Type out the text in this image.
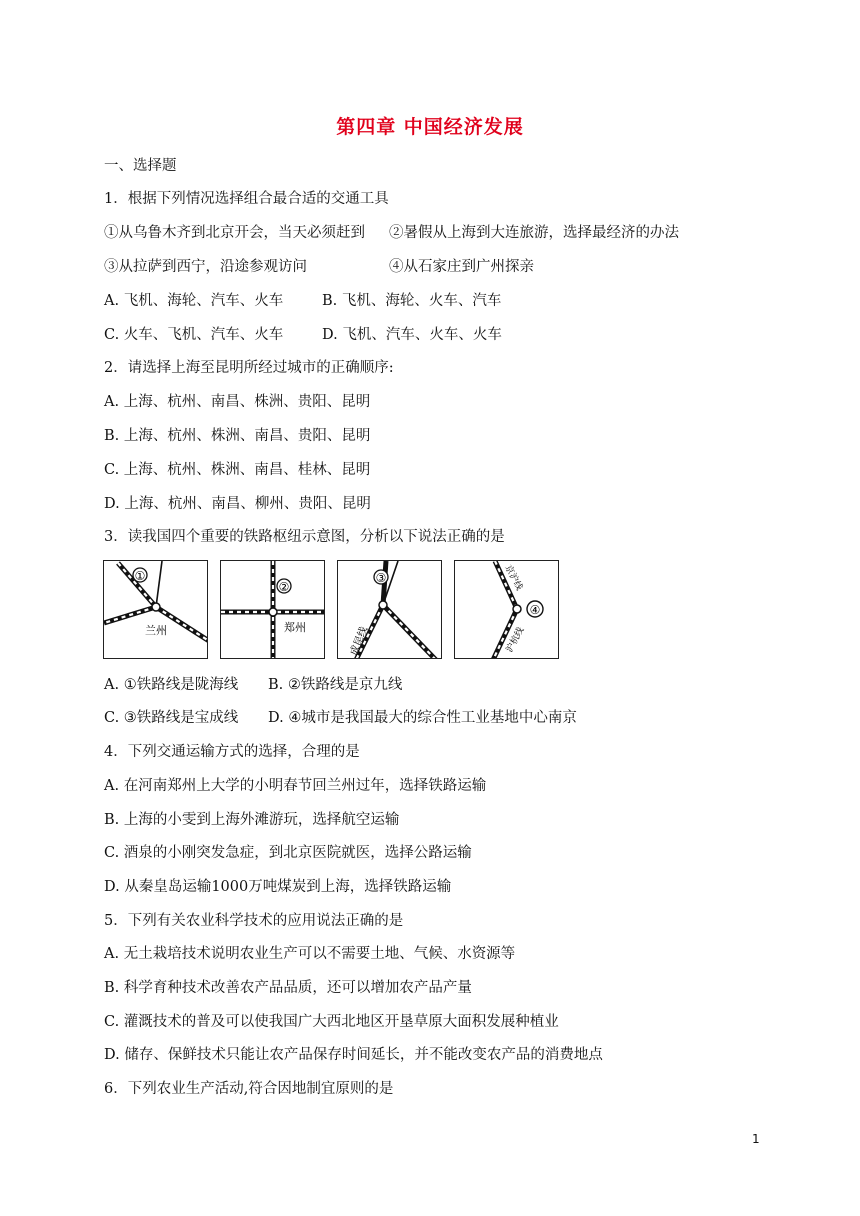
第四章 中国经济发展
一、选择题
1．根据下列情况选择组合最合适的交通工具
①从乌鲁木齐到北京开会，当天必须赶到 ②暑假从上海到大连旅游，选择最经济的办法
③从拉萨到西宁，沿途参观访问	④从石家庄到广州探亲
A. 飞机、海轮、汽车、火车	B. 飞机、海轮、火车、汽车
C. 火车、飞机、汽车、火车	D. 飞机、汽车、火车、火车
2．请选择上海至昆明所经过城市的正确顺序:
A. 上海、杭州、南昌、株洲、贵阳、昆明
B. 上海、杭州、株洲、南昌、贵阳、昆明
C. 上海、杭州、株洲、南昌、桂林、昆明
D. 上海、杭州、南昌、柳州、贵阳、昆明
3．读我国四个重要的铁路枢纽示意图，分析以下说法正确的是
①
兰州
②
郑州
③
成昆线
④
京沪线
沪杭线
A. ①铁路线是陇海线 B. ②铁路线是京九线
C. ③铁路线是宝成线 D. ④城市是我国最大的综合性工业基地中心南京
4．下列交通运输方式的选择，合理的是
A. 在河南郑州上大学的小明春节回兰州过年，选择铁路运输
B. 上海的小雯到上海外滩游玩，选择航空运输
C. 酒泉的小刚突发急症，到北京医院就医，选择公路运输
D. 从秦皇岛运输1000万吨煤炭到上海，选择铁路运输
5．下列有关农业科学技术的应用说法正确的是
A. 无土栽培技术说明农业生产可以不需要土地、气候、水资源等
B. 科学育种技术改善农产品品质，还可以增加农产品产量
C. 灌溉技术的普及可以使我国广大西北地区开垦草原大面积发展种植业
D. 储存、保鲜技术只能让农产品保存时间延长，并不能改变农产品的消费地点
6．下列农业生产活动,符合因地制宜原则的是
1
